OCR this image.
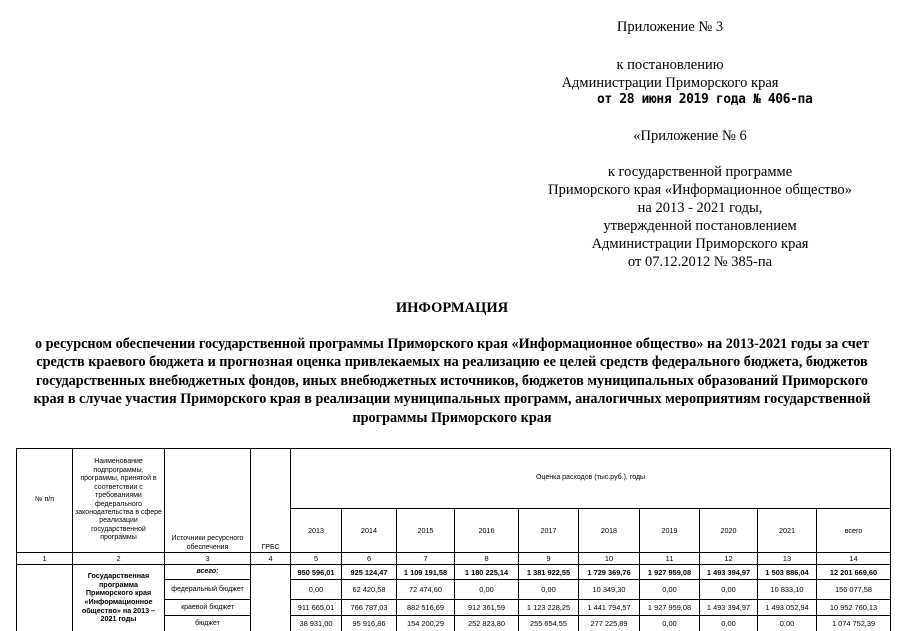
Приложение № 3
к постановлению
Администрации Приморского края
от 28 июня 2019 года № 406-па
«Приложение № 6
к государственной программе
Приморского края «Информационное общество»
на 2013 - 2021 годы,
утвержденной постановлением
Администрации Приморского края
от 07.12.2012 № 385-па
ИНФОРМАЦИЯ
о ресурсном обеспечении государственной программы Приморского края «Информационное общество» на 2013-2021 годы за счет средств краевого бюджета и прогнозная оценка привлекаемых на реализацию ее целей средств федерального бюджета, бюджетов государственных внебюджетных фондов, иных внебюджетных источников, бюджетов муниципальных образований Приморского края в случае участия Приморского края в реализации муниципальных программ, аналогичных мероприятиям государственной программы Приморского края
№ п/п	Наименование подпрограммы, программы, принятой в соответствии с требованиями федерального законодательства в сфере реализации государственной программы	Источники ресурсного обеспечения	ГРБС	Оценка расходов (тыс.руб.), годы									
				2013	2014	2015	2016	2017	2018	2019	2020	2021	всего
1	2	3	4	5	6	7	8	9	10	11	12	13	14
	Государственная программа Приморского края «Информационное общество» на 2013 – 2021 годы	всего:		950 596,01	925 124,47	1 109 191,58	1 180 225,14	1 381 922,55	1 729 369,76	1 927 959,08	1 493 394,97	1 503 886,04	12 201 669,60
		федеральный бюджет		0,00	62 420,58	72 474,60	0,00	0,00	10 349,30	0,00	0,00	10 833,10	156 077,58
		краевой бюджет		911 665,01	766 787,03	882 516,69	912 361,59	1 123 228,25	1 441 794,57	1 927 959,08	1 493 394,97	1 493 052,94	10 952 760,13
		бюджет		38 931,00	95 916,86	154 200,29	252 823,80	255 654,55	277 225,89	0,00	0,00	0,00	1 074 752,39
